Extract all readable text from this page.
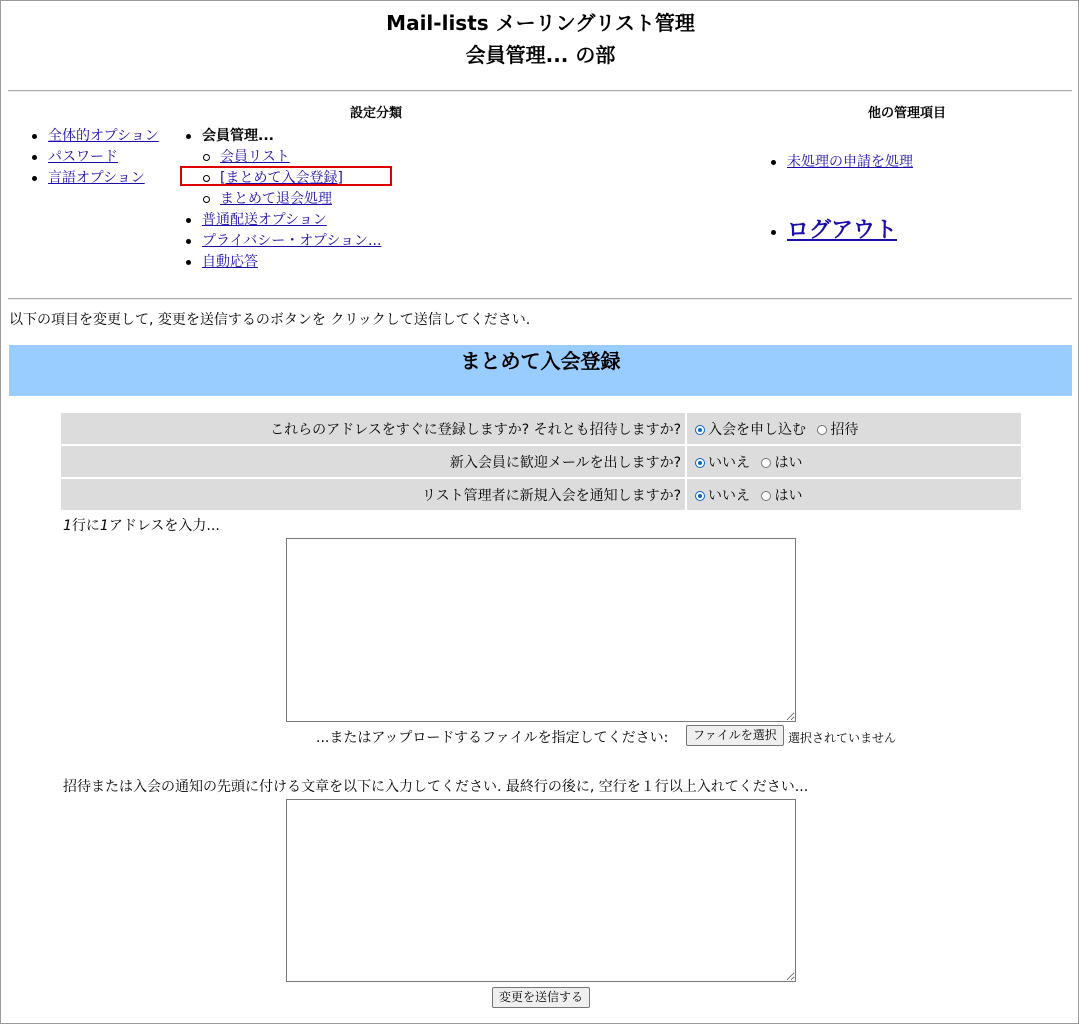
Mail-lists メーリングリスト管理
会員管理... の部
設定分類	他の管理項目
全体的オプション
パスワード
言語オプション
会員管理...
会員リスト
[まとめて入会登録]
まとめて退会処理
普通配送オプション
プライバシー・オプション...
自動応答
未処理の申請を処理
ログアウト
以下の項目を変更して, 変更を送信するのボタンを クリックして送信してください.
まとめて入会登録
これらのアドレスをすぐに登録しますか? それとも招待しますか?	入会を申し込む 招待
新入会員に歓迎メールを出しますか?	いいえ はい
リスト管理者に新規入会を通知しますか?	いいえ はい
1行に1アドレスを入力...
...またはアップロードするファイルを指定してください:	ファイルを選択 選択されていません
招待または入会の通知の先頭に付ける文章を以下に入力してください. 最終行の後に, 空行を１行以上入れてください...
変更を送信する
